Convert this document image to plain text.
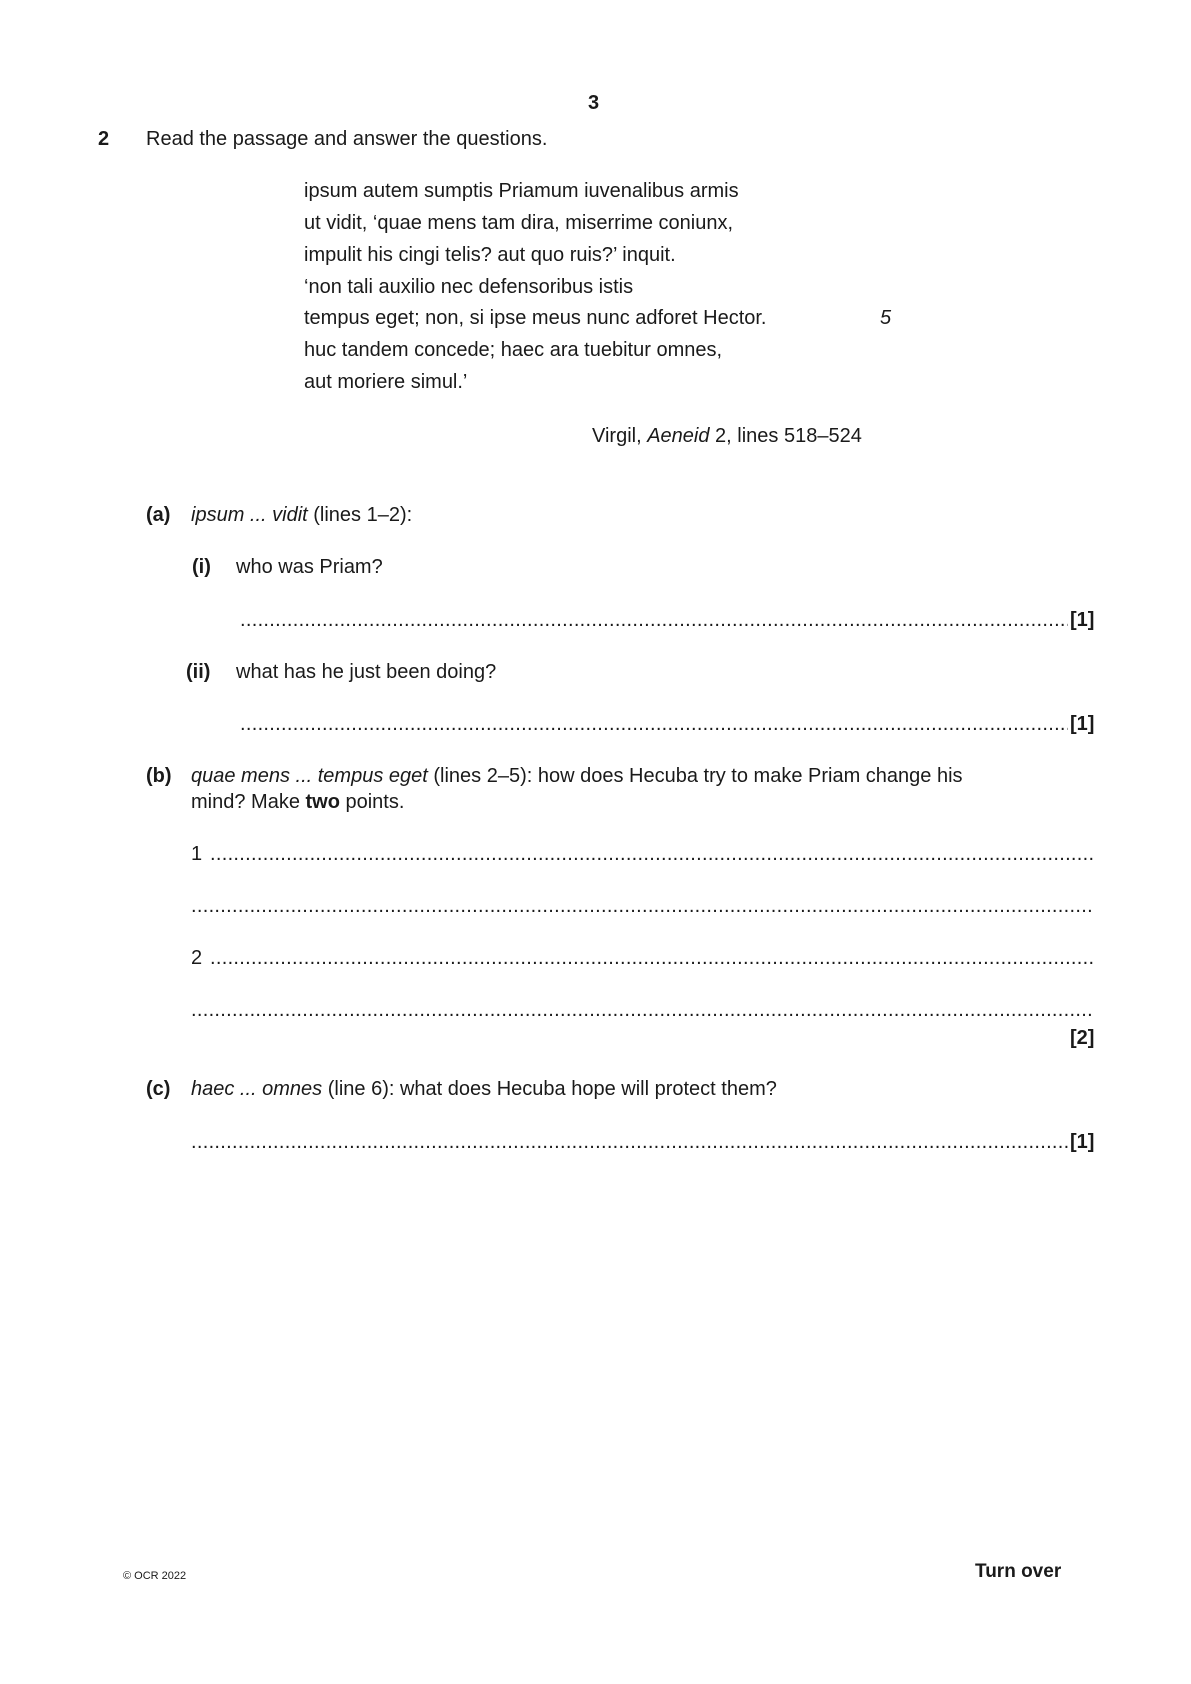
3
2 Read the passage and answer the questions.
ipsum autem sumptis Priamum iuvenalibus armis
ut vidit, ‘quae mens tam dira, miserrime coniunx,
impulit his cingi telis? aut quo ruis?’ inquit.
‘non tali auxilio nec defensoribus istis
tempus eget; non, si ipse meus nunc adforet Hector.
huc tandem concede; haec ara tuebitur omnes,
aut moriere simul.’
5
Virgil, Aeneid 2, lines 518–524
(a) ipsum ... vidit (lines 1–2):
(i) who was Priam?
.....
[1]
(ii) what has he just been doing?
.....
[1]
(b) quae mens ... tempus eget (lines 2–5): how does Hecuba try to make Priam change his
mind? Make two points.
1
.....
.....
2
.....
.....
[2]
(c) haec ... omnes (line 6): what does Hecuba hope will protect them?
.....
[1]
© OCR 2022	Turn over
